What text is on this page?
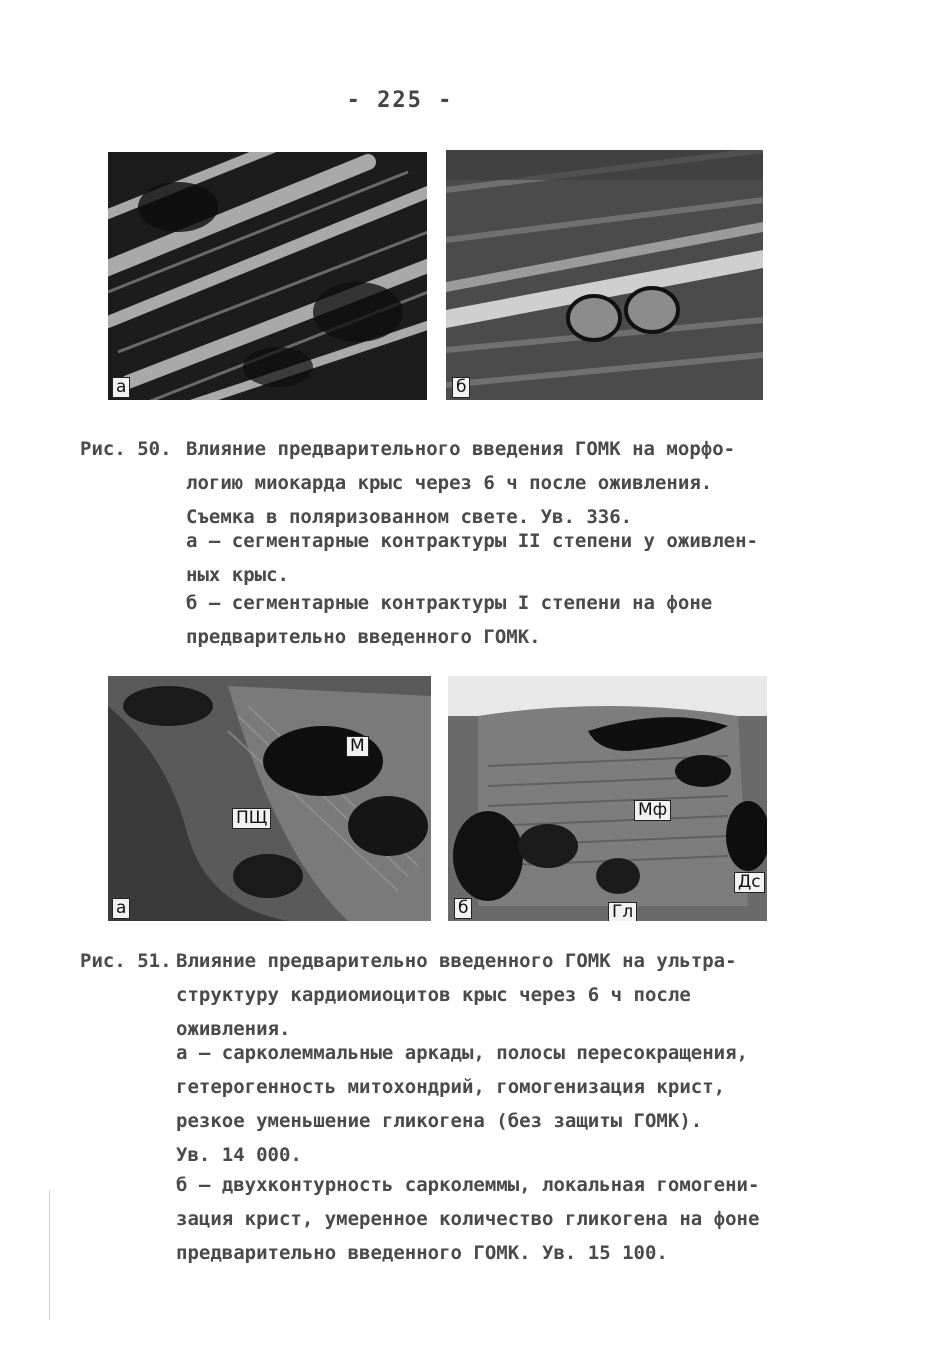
- 225 -
а	б
Рис. 50. Влияние предварительного введения ГОМК на морфо-
логию миокарда крыс через 6 ч после оживления.
Съемка в поляризованном свете. Ув. 336.
а – сегментарные контрактуры II степени у оживлен-
ных крыс.
б – сегментарные контрактуры I степени на фоне
предварительно введенного ГОМК.
М
ПЩ
а
Мф
Дс
Гл
б
Рис. 51. Влияние предварительно введенного ГОМК на ультра-
структуру кардиомиоцитов крыс через 6 ч после
оживления.
а – сарколеммальные аркады, полосы пересокращения,
гетерогенность митохондрий, гомогенизация крист,
резкое уменьшение гликогена (без защиты ГОМК).
Ув. 14 000.
б – двухконтурность сарколеммы, локальная гомогени-
зация крист, умеренное количество гликогена на фоне
предварительно введенного ГОМК. Ув. 15 100.
